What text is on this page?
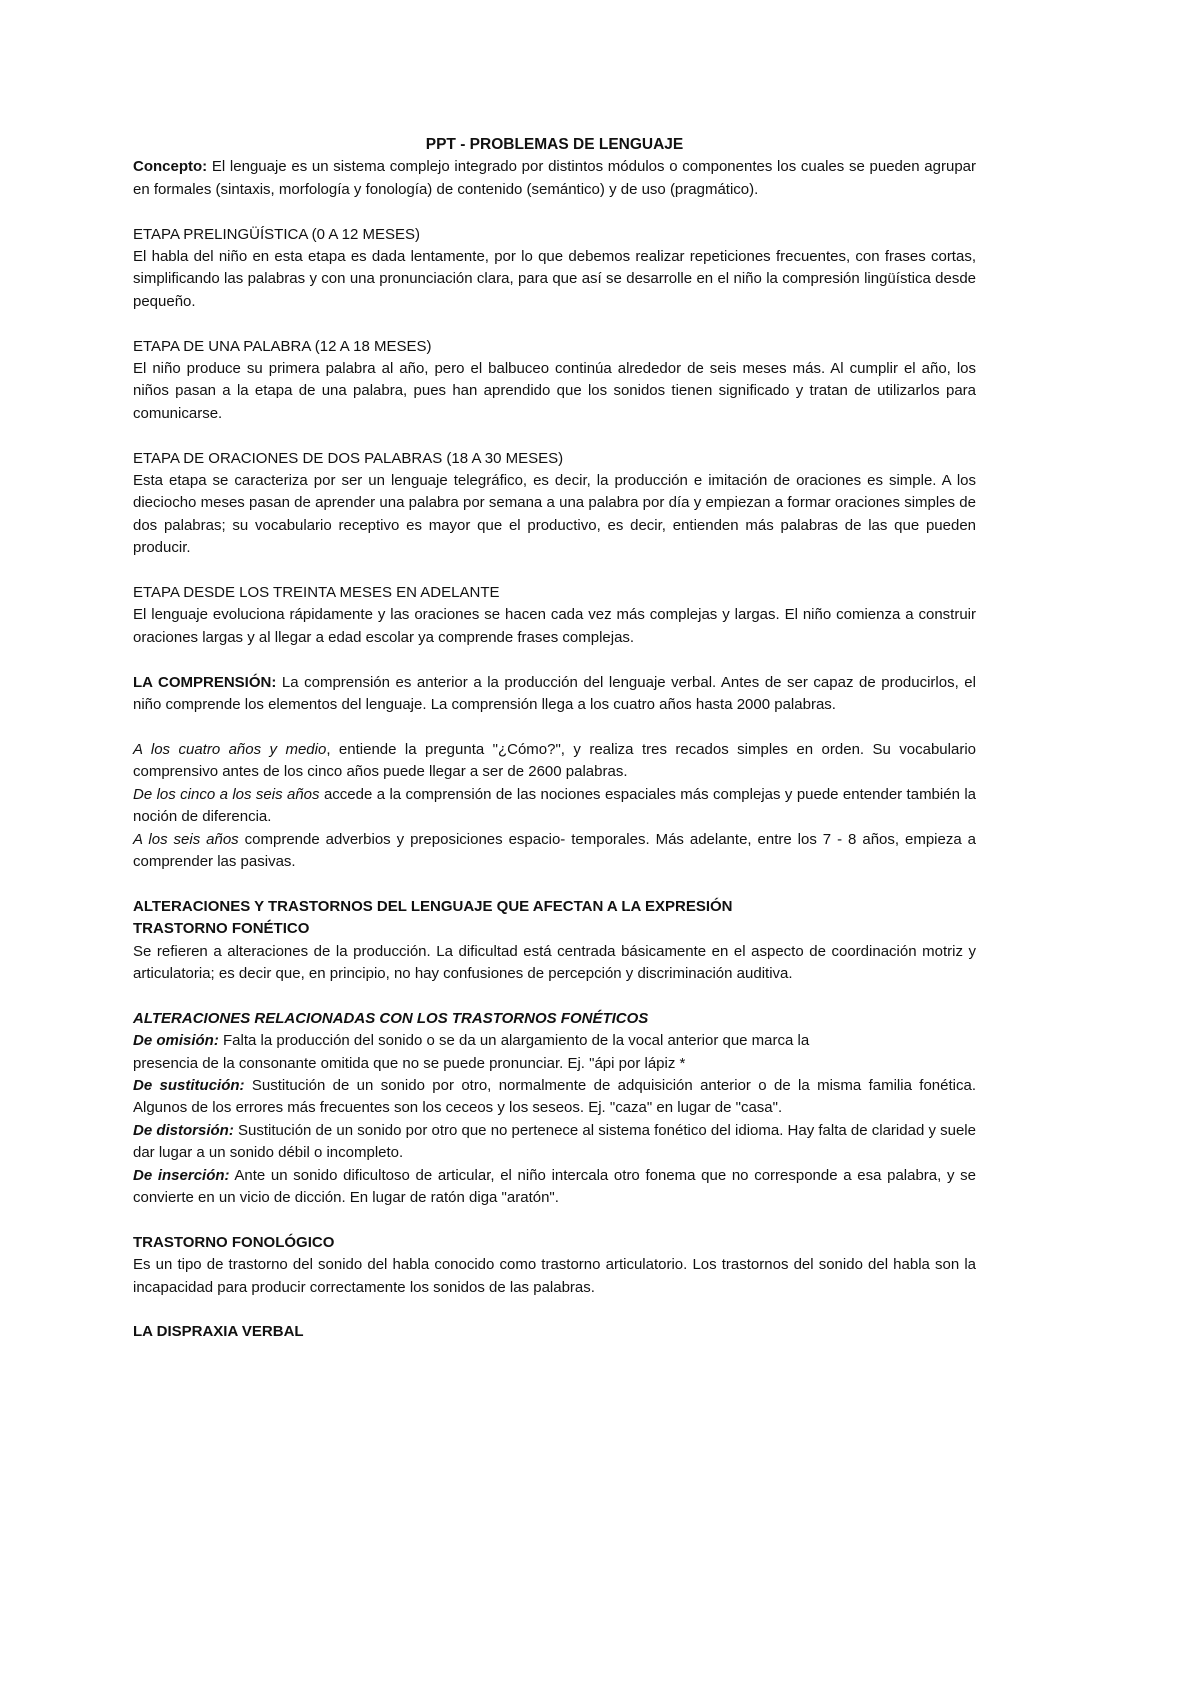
PPT - PROBLEMAS DE LENGUAJE

Concepto: El lenguaje es un sistema complejo integrado por distintos módulos o componentes los cuales se pueden agrupar en formales (sintaxis, morfología y fonología) de contenido (semántico) y de uso (pragmático).

ETAPA PRELINGÜÍSTICA (0 A 12 MESES)

El habla del niño en esta etapa es dada lentamente, por lo que debemos realizar repeticiones frecuentes, con frases cortas, simplificando las palabras y con una pronunciación clara, para que así se desarrolle en el niño la compresión lingüística desde pequeño.

ETAPA DE UNA PALABRA (12 A 18 MESES)

El niño produce su primera palabra al año, pero el balbuceo continúa alrededor de seis meses más. Al cumplir el año, los niños pasan a la etapa de una palabra, pues han aprendido que los sonidos tienen significado y tratan de utilizarlos para comunicarse.

ETAPA DE ORACIONES DE DOS PALABRAS (18 A 30 MESES)

Esta etapa se caracteriza por ser un lenguaje telegráfico, es decir, la producción e imitación de oraciones es simple. A los dieciocho meses pasan de aprender una palabra por semana a una palabra por día y empiezan a formar oraciones simples de dos palabras; su vocabulario receptivo es mayor que el productivo, es decir, entienden más palabras de las que pueden producir.

ETAPA DESDE LOS TREINTA MESES EN ADELANTE

El lenguaje evoluciona rápidamente y las oraciones se hacen cada vez más complejas y largas. El niño comienza a construir oraciones largas y al llegar a edad escolar ya comprende frases complejas.

LA COMPRENSIÓN: La comprensión es anterior a la producción del lenguaje verbal. Antes de ser capaz de producirlos, el niño comprende los elementos del lenguaje. La comprensión llega a los cuatro años hasta 2000 palabras.

A los cuatro años y medio, entiende la pregunta "¿Cómo?", y realiza tres recados simples en orden. Su vocabulario comprensivo antes de los cinco años puede llegar a ser de 2600 palabras.

De los cinco a los seis años accede a la comprensión de las nociones espaciales más complejas y puede entender también la noción de diferencia.

A los seis años comprende adverbios y preposiciones espacio- temporales. Más adelante, entre los 7 - 8 años, empieza a comprender las pasivas.

ALTERACIONES Y TRASTORNOS DEL LENGUAJE QUE AFECTAN A LA EXPRESIÓN

TRASTORNO FONÉTICO

Se refieren a alteraciones de la producción. La dificultad está centrada básicamente en el aspecto de coordinación motriz y articulatoria; es decir que, en principio, no hay confusiones de percepción y discriminación auditiva.

ALTERACIONES RELACIONADAS CON LOS TRASTORNOS FONÉTICOS

De omisión: Falta la producción del sonido o se da un alargamiento de la vocal anterior que marca la
presencia de la consonante omitida que no se puede pronunciar. Ej. "ápi por lápiz *

De sustitución: Sustitución de un sonido por otro, normalmente de adquisición anterior o de la misma familia fonética. Algunos de los errores más frecuentes son los ceceos y los seseos. Ej. "caza" en lugar de "casa".

De distorsión: Sustitución de un sonido por otro que no pertenece al sistema fonético del idioma. Hay falta de claridad y suele dar lugar a un sonido débil o incompleto.

De inserción: Ante un sonido dificultoso de articular, el niño intercala otro fonema que no corresponde a esa palabra, y se convierte en un vicio de dicción. En lugar de ratón diga "aratón".

TRASTORNO FONOLÓGICO

Es un tipo de trastorno del sonido del habla conocido como trastorno articulatorio. Los trastornos del sonido del habla son la incapacidad para producir correctamente los sonidos de las palabras.

LA DISPRAXIA VERBAL
